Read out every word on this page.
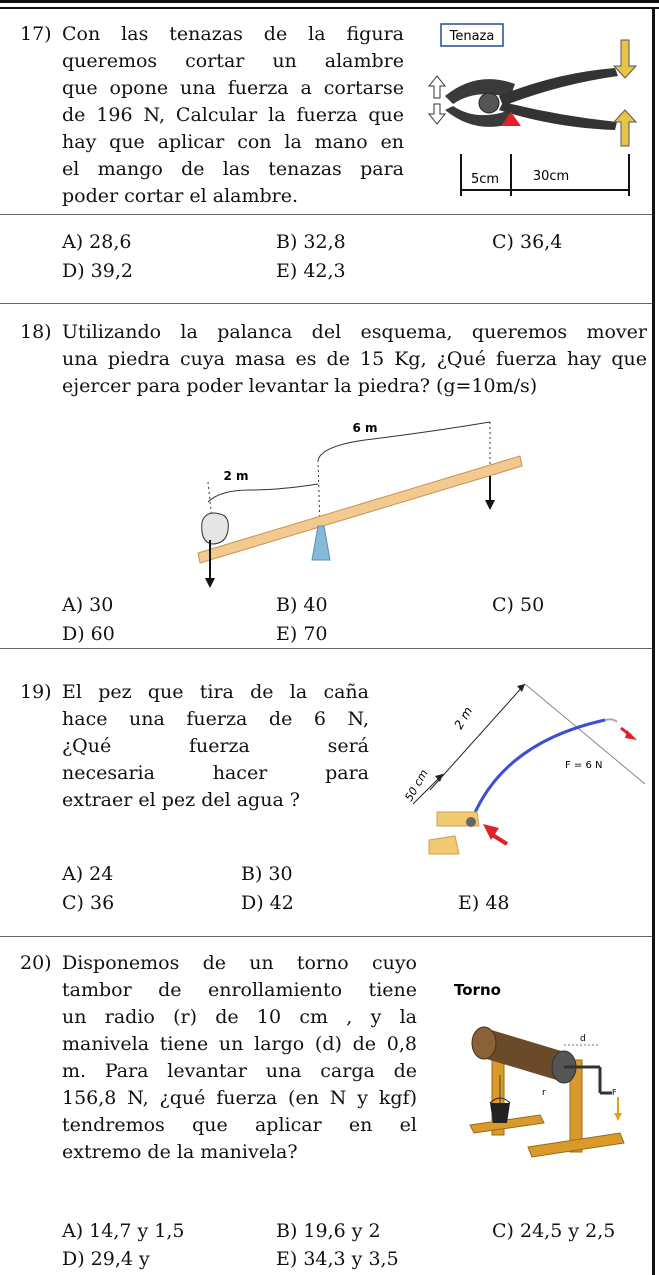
17) Con las tenazas de la figura
queremos cortar un alambre
que opone una fuerza a cortarse
de 196 N, Calcular la fuerza que
hay que aplicar con la mano en
el mango de las tenazas para
poder cortar el alambre.
Tenaza
5cm	30cm
A) 28,6	B) 32,8	C) 36,4
D) 39,2	E) 42,3
18) Utilizando la palanca del esquema, queremos mover
una piedra cuya masa es de 15 Kg, ¿Qué fuerza hay que
ejercer para poder levantar la piedra? (g=10m/s)
6 m
2 m
A) 30	B) 40	C) 50
D) 60	E) 70
19) El pez que tira de la caña
hace una fuerza de 6 N,
¿Qué fuerza será
necesaria hacer para
extraer el pez del agua ?
2 m
50 cm
F = 6 N
A) 24	B) 30
C) 36	D) 42	E) 48
20) Disponemos de un torno cuyo
tambor de enrollamiento tiene
un radio (r) de 10 cm , y la
manivela tiene un largo (d) de 0,8
m. Para levantar una carga de
156,8 N, ¿qué fuerza (en N y kgf)
tendremos que aplicar en el
extremo de la manivela?
Torno
d
r	F
A) 14,7 y 1,5	B) 19,6 y 2	C) 24,5 y 2,5
D) 29,4 y	E) 34,3 y 3,5
